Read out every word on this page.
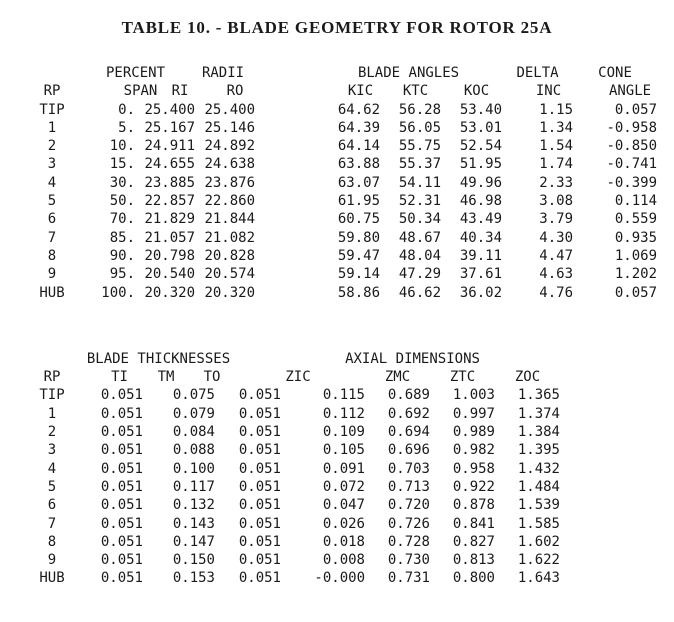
TABLE 10. - BLADE GEOMETRY FOR ROTOR 25A
	PERCENT	RADII	BLADE ANGLES	DELTA	CONE
RP	SPAN	RI	RO	KIC	KTC	KOC	INC	ANGLE
TIP	0.	25.400	25.400	64.62	56.28	53.40	1.15	0.057
1	5.	25.167	25.146	64.39	56.05	53.01	1.34	-0.958
2	10.	24.911	24.892	64.14	55.75	52.54	1.54	-0.850
3	15.	24.655	24.638	63.88	55.37	51.95	1.74	-0.741
4	30.	23.885	23.876	63.07	54.11	49.96	2.33	-0.399
5	50.	22.857	22.860	61.95	52.31	46.98	3.08	0.114
6	70.	21.829	21.844	60.75	50.34	43.49	3.79	0.559
7	85.	21.057	21.082	59.80	48.67	40.34	4.30	0.935
8	90.	20.798	20.828	59.47	48.04	39.11	4.47	1.069
9	95.	20.540	20.574	59.14	47.29	37.61	4.63	1.202
HUB	100.	20.320	20.320	58.86	46.62	36.02	4.76	0.057
	BLADE THICKNESSES	AXIAL DIMENSIONS
RP	TI	TM	TO	ZIC	ZMC	ZTC	ZOC
TIP	0.051	0.075	0.051	0.115	0.689	1.003	1.365
1	0.051	0.079	0.051	0.112	0.692	0.997	1.374
2	0.051	0.084	0.051	0.109	0.694	0.989	1.384
3	0.051	0.088	0.051	0.105	0.696	0.982	1.395
4	0.051	0.100	0.051	0.091	0.703	0.958	1.432
5	0.051	0.117	0.051	0.072	0.713	0.922	1.484
6	0.051	0.132	0.051	0.047	0.720	0.878	1.539
7	0.051	0.143	0.051	0.026	0.726	0.841	1.585
8	0.051	0.147	0.051	0.018	0.728	0.827	1.602
9	0.051	0.150	0.051	0.008	0.730	0.813	1.622
HUB	0.051	0.153	0.051	-0.000	0.731	0.800	1.643
